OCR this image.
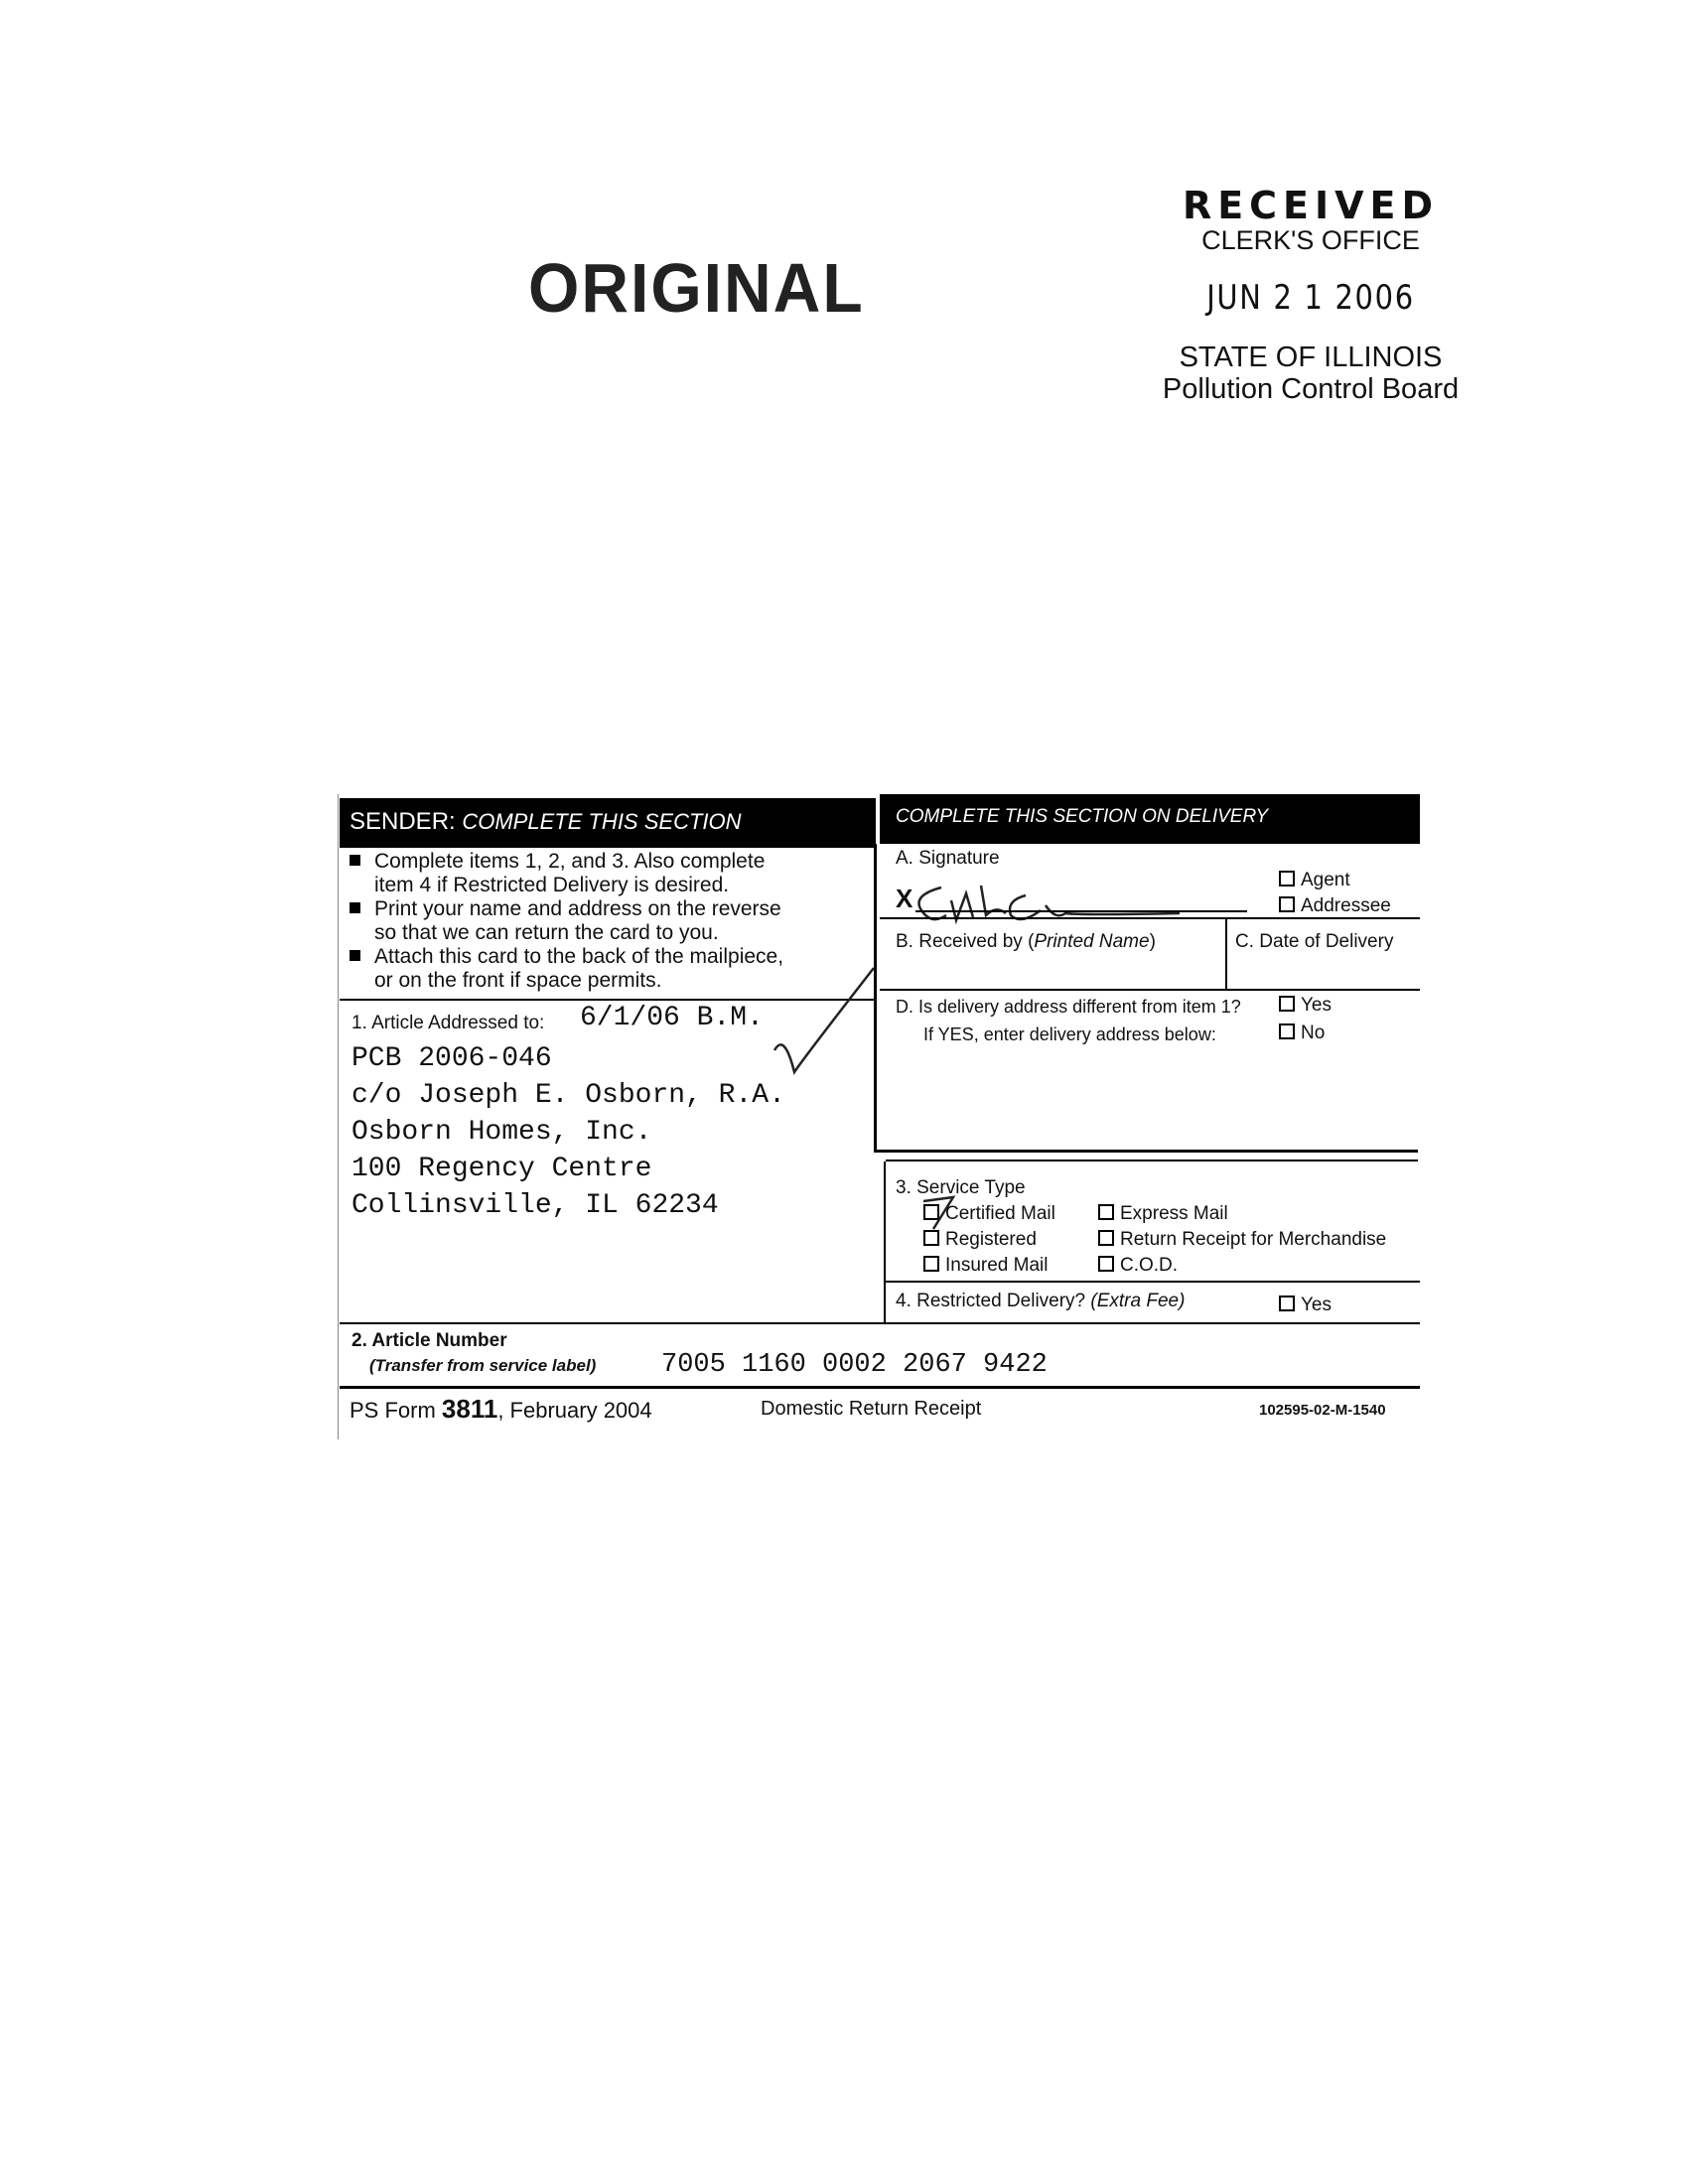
ORIGINAL
RECEIVED
CLERK'S OFFICE
JUN 2 1 2006
STATE OF ILLINOIS
Pollution Control Board
SENDER: COMPLETE THIS SECTION	COMPLETE THIS SECTION ON DELIVERY
Complete items 1, 2, and 3. Also complete
item 4 if Restricted Delivery is desired.
Print your name and address on the reverse
so that we can return the card to you.
Attach this card to the back of the mailpiece,
or on the front if space permits.
1. Article Addressed to: 6/1/06 B.M.
PCB 2006-046
c/o Joseph E. Osborn, R.A.
Osborn Homes, Inc.
100 Regency Centre
Collinsville, IL 62234
A. Signature
X
Agent
Addressee
B. Received by (Printed Name)	C. Date of Delivery
D. Is delivery address different from item 1?
If YES, enter delivery address below:
Yes
No
3. Service Type
Certified Mail	Express Mail
Registered	Return Receipt for Merchandise
Insured Mail	C.O.D.
4. Restricted Delivery? (Extra Fee)	Yes
2. Article Number
(Transfer from service label) 7005 1160 0002 2067 9422
PS Form 3811, February 2004	Domestic Return Receipt	102595-02-M-1540
